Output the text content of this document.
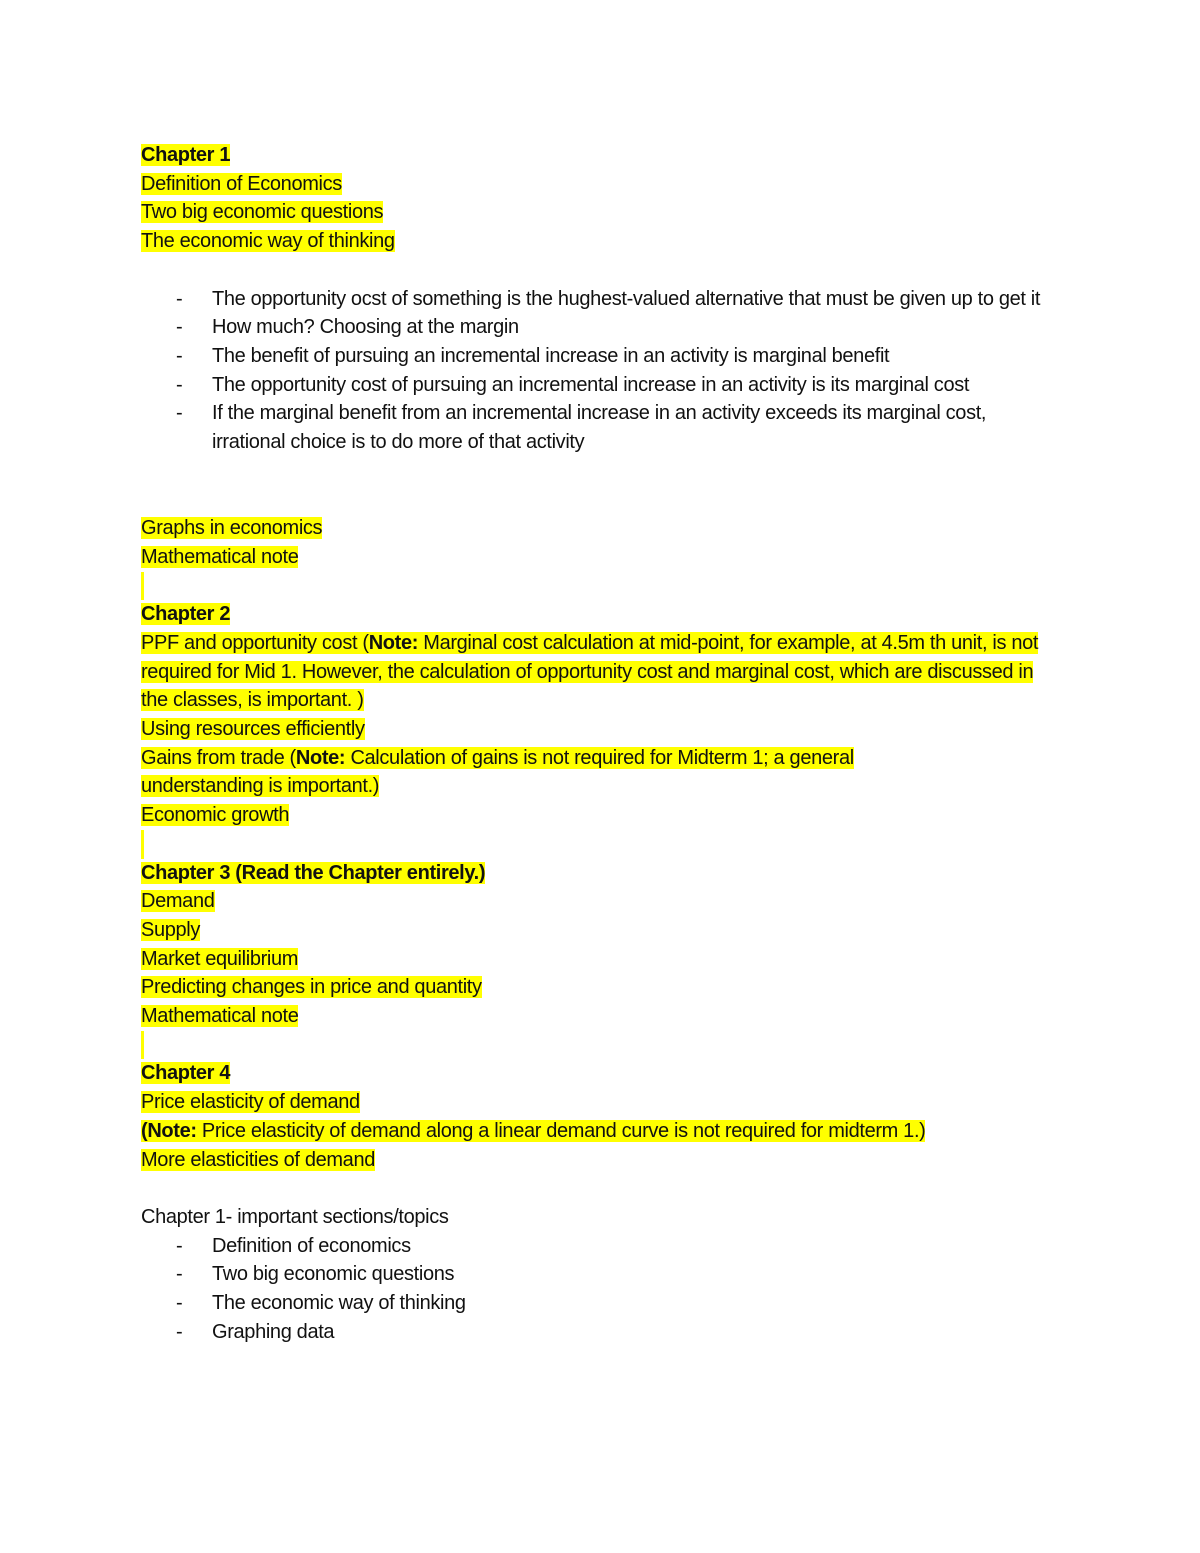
Chapter 1
Definition of Economics
Two big economic questions
The economic way of thinking
- The opportunity ocst of something is the hughest-valued alternative that must be given up to get it
- How much? Choosing at the margin
- The benefit of pursuing an incremental increase in an activity is marginal benefit
- The opportunity cost of pursuing an incremental increase in an activity is its marginal cost
- If the marginal benefit from an incremental increase in an activity exceeds its marginal cost, irrational choice is to do more of that activity
Graphs in economics
Mathematical note
Chapter 2
PPF and opportunity cost (Note: Marginal cost calculation at mid-point, for example, at 4.5m th unit, is not required for Mid 1. However, the calculation of opportunity cost and marginal cost, which are discussed in the classes, is important. )
Using resources efficiently
Gains from trade (Note: Calculation of gains is not required for Midterm 1; a general understanding is important.)
Economic growth
Chapter 3 (Read the Chapter entirely.)
Demand
Supply
Market equilibrium
Predicting changes in price and quantity
Mathematical note
Chapter 4
Price elasticity of demand
(Note: Price elasticity of demand along a linear demand curve is not required for midterm 1.)
More elasticities of demand
Chapter 1- important sections/topics
- Definition of economics
- Two big economic questions
- The economic way of thinking
- Graphing data
